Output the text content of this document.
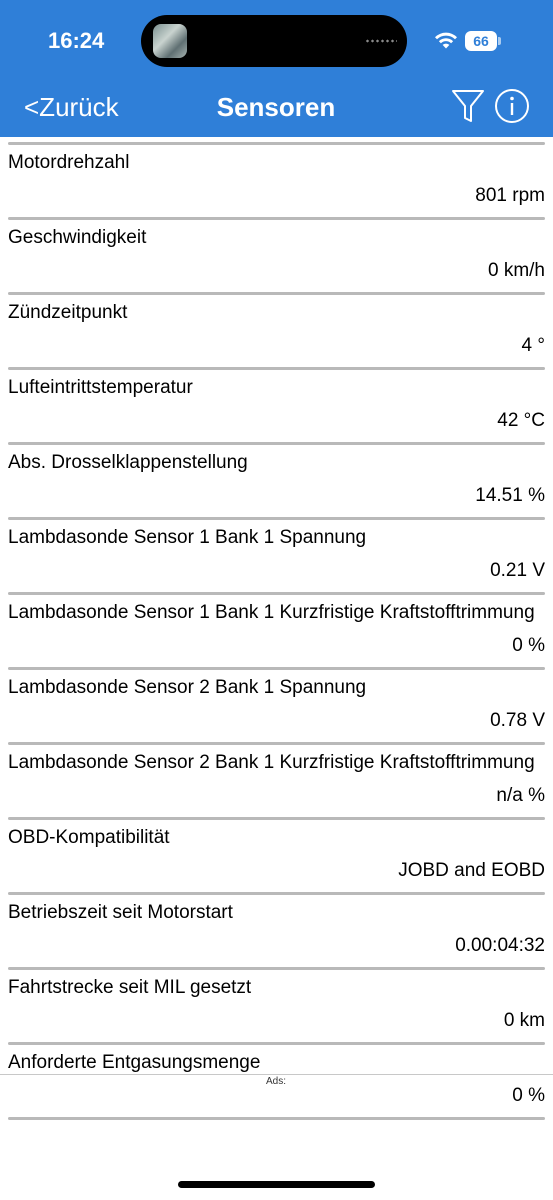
16:24	66
<Zurück	Sensoren
Motordrehzahl
801 rpm
Geschwindigkeit
0 km/h
Zündzeitpunkt
4 °
Lufteintrittstemperatur
42 °C
Abs. Drosselklappenstellung
14.51 %
Lambdasonde Sensor 1 Bank 1 Spannung
0.21 V
Lambdasonde Sensor 1 Bank 1 Kurzfristige Kraftstofftrimmung
0 %
Lambdasonde Sensor 2 Bank 1 Spannung
0.78 V
Lambdasonde Sensor 2 Bank 1 Kurzfristige Kraftstofftrimmung
n/a %
OBD-Kompatibilität
JOBD and EOBD
Betriebszeit seit Motorstart
0.00:04:32
Fahrtstrecke seit MIL gesetzt
0 km
Anforderte Entgasungsmenge
0 %
Ads:
